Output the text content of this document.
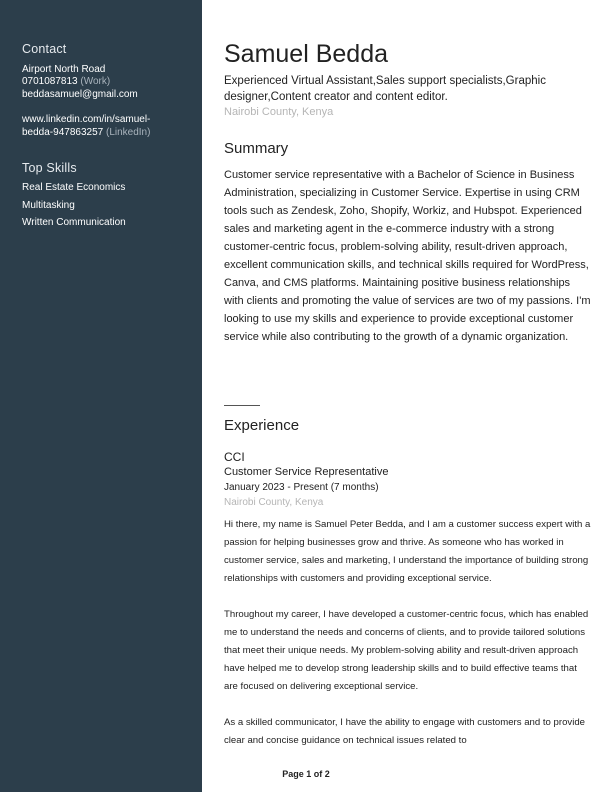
Contact
Airport North Road
0701087813 (Work)
beddasamuel@gmail.com
www.linkedin.com/in/samuel-
bedda-947863257 (LinkedIn)
Top Skills
Real Estate Economics
Multitasking
Written Communication
Samuel Bedda
Experienced Virtual Assistant,Sales support specialists,Graphic designer,Content creator and content editor.
Nairobi County, Kenya
Summary
Customer service representative with a Bachelor of Science in Business Administration, specializing in Customer Service. Expertise in using CRM tools such as Zendesk, Zoho, Shopify, Workiz, and Hubspot. Experienced sales and marketing agent in the e-commerce industry with a strong customer-centric focus, problem-solving ability, result-driven approach, excellent communication skills, and technical skills required for WordPress, Canva, and CMS platforms. Maintaining positive business relationships with clients and promoting the value of services are two of my passions. I'm looking to use my skills and experience to provide exceptional customer service while also contributing to the growth of a dynamic organization.
Experience
CCI
Customer Service Representative
January 2023 - Present (7 months)
Nairobi County, Kenya

Hi there, my name is Samuel Peter Bedda, and I am a customer success expert with a passion for helping businesses grow and thrive. As someone who has worked in customer service, sales and marketing, I understand the importance of building strong relationships with customers and providing exceptional service.

Throughout my career, I have developed a customer-centric focus, which has enabled me to understand the needs and concerns of clients, and to provide tailored solutions that meet their unique needs. My problem-solving ability and result-driven approach have helped me to develop strong leadership skills and to build effective teams that are focused on delivering exceptional service.

As a skilled communicator, I have the ability to engage with customers and to provide clear and concise guidance on technical issues related to

Page 1 of 2
